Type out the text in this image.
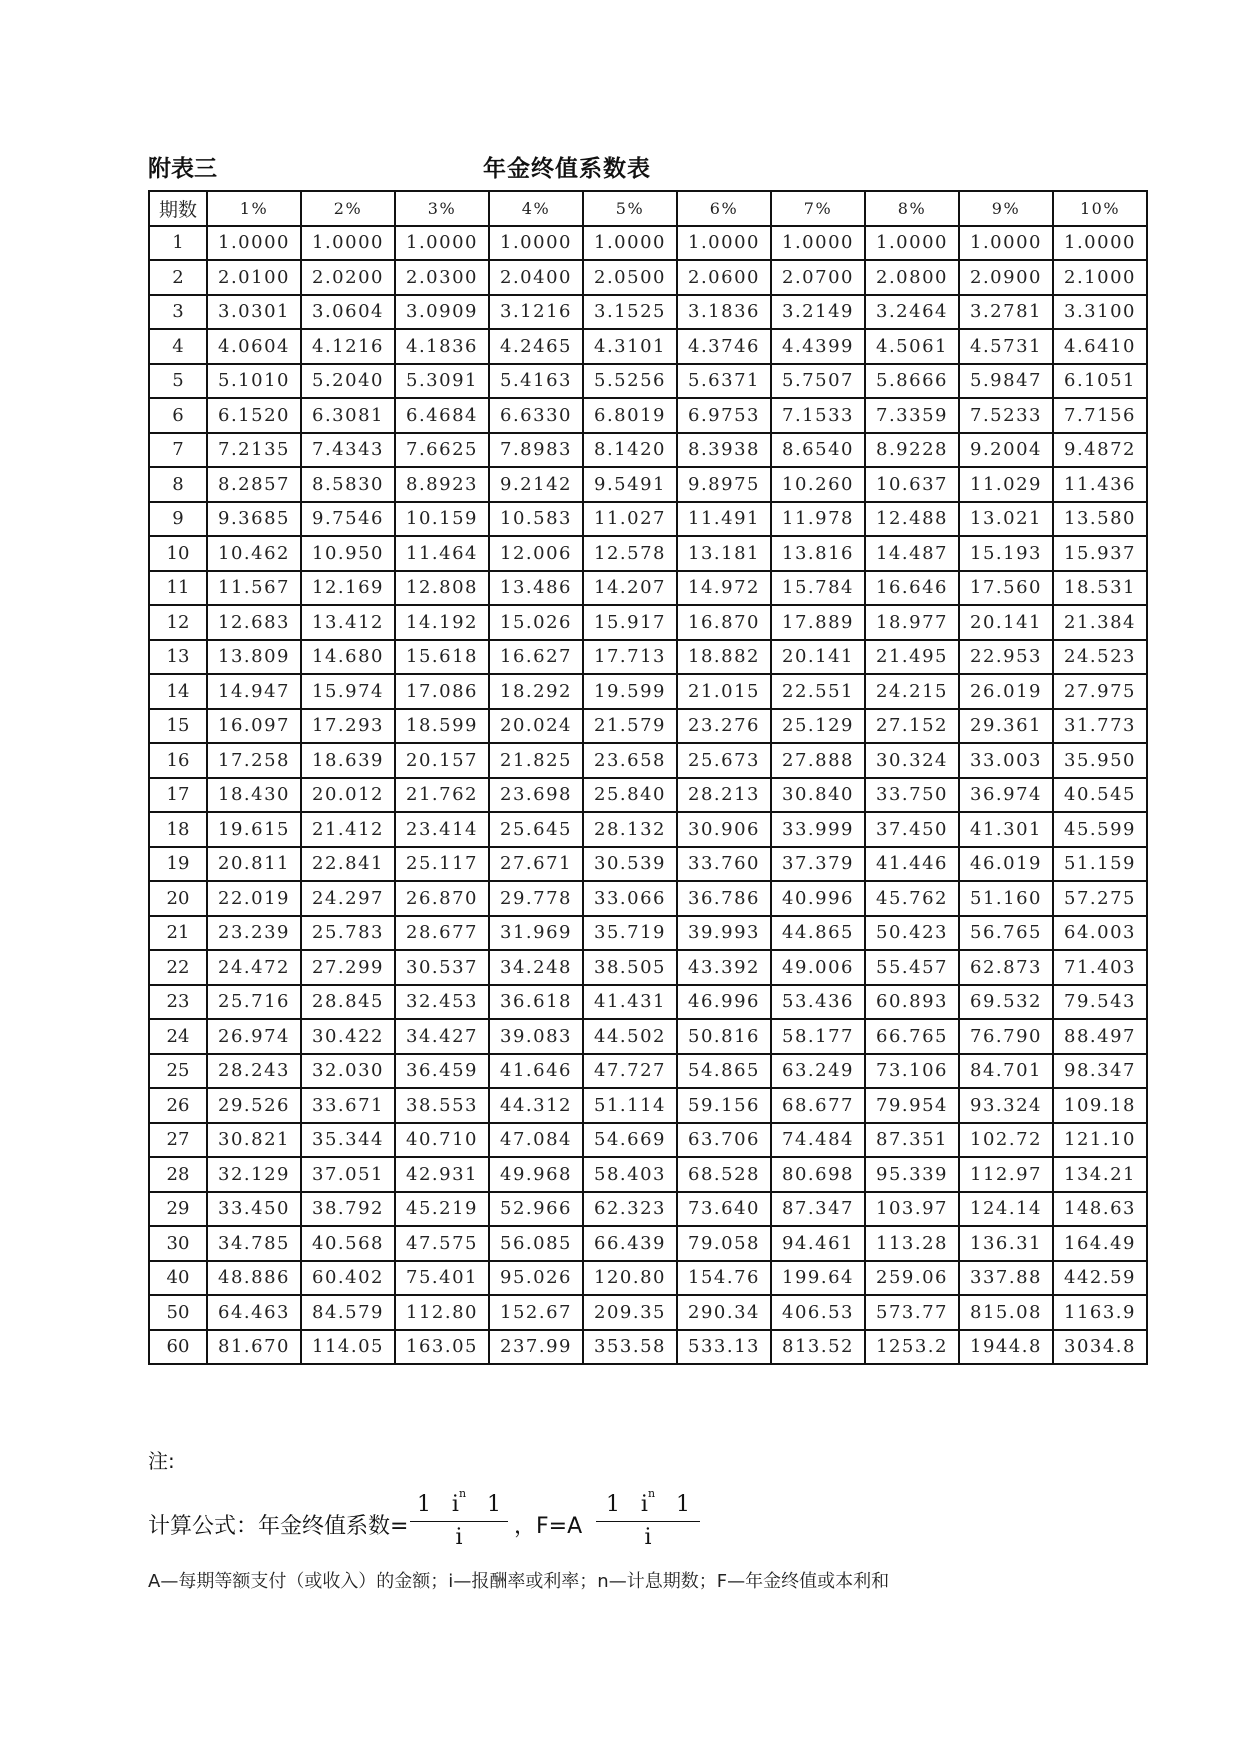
附表三	年金终值系数表
期数	1%	2%	3%	4%	5%	6%	7%	8%	9%	10%
1	1.0000	1.0000	1.0000	1.0000	1.0000	1.0000	1.0000	1.0000	1.0000	1.0000
2	2.0100	2.0200	2.0300	2.0400	2.0500	2.0600	2.0700	2.0800	2.0900	2.1000
3	3.0301	3.0604	3.0909	3.1216	3.1525	3.1836	3.2149	3.2464	3.2781	3.3100
4	4.0604	4.1216	4.1836	4.2465	4.3101	4.3746	4.4399	4.5061	4.5731	4.6410
5	5.1010	5.2040	5.3091	5.4163	5.5256	5.6371	5.7507	5.8666	5.9847	6.1051
6	6.1520	6.3081	6.4684	6.6330	6.8019	6.9753	7.1533	7.3359	7.5233	7.7156
7	7.2135	7.4343	7.6625	7.8983	8.1420	8.3938	8.6540	8.9228	9.2004	9.4872
8	8.2857	8.5830	8.8923	9.2142	9.5491	9.8975	10.260	10.637	11.029	11.436
9	9.3685	9.7546	10.159	10.583	11.027	11.491	11.978	12.488	13.021	13.580
10	10.462	10.950	11.464	12.006	12.578	13.181	13.816	14.487	15.193	15.937
11	11.567	12.169	12.808	13.486	14.207	14.972	15.784	16.646	17.560	18.531
12	12.683	13.412	14.192	15.026	15.917	16.870	17.889	18.977	20.141	21.384
13	13.809	14.680	15.618	16.627	17.713	18.882	20.141	21.495	22.953	24.523
14	14.947	15.974	17.086	18.292	19.599	21.015	22.551	24.215	26.019	27.975
15	16.097	17.293	18.599	20.024	21.579	23.276	25.129	27.152	29.361	31.773
16	17.258	18.639	20.157	21.825	23.658	25.673	27.888	30.324	33.003	35.950
17	18.430	20.012	21.762	23.698	25.840	28.213	30.840	33.750	36.974	40.545
18	19.615	21.412	23.414	25.645	28.132	30.906	33.999	37.450	41.301	45.599
19	20.811	22.841	25.117	27.671	30.539	33.760	37.379	41.446	46.019	51.159
20	22.019	24.297	26.870	29.778	33.066	36.786	40.996	45.762	51.160	57.275
21	23.239	25.783	28.677	31.969	35.719	39.993	44.865	50.423	56.765	64.003
22	24.472	27.299	30.537	34.248	38.505	43.392	49.006	55.457	62.873	71.403
23	25.716	28.845	32.453	36.618	41.431	46.996	53.436	60.893	69.532	79.543
24	26.974	30.422	34.427	39.083	44.502	50.816	58.177	66.765	76.790	88.497
25	28.243	32.030	36.459	41.646	47.727	54.865	63.249	73.106	84.701	98.347
26	29.526	33.671	38.553	44.312	51.114	59.156	68.677	79.954	93.324	109.18
27	30.821	35.344	40.710	47.084	54.669	63.706	74.484	87.351	102.72	121.10
28	32.129	37.051	42.931	49.968	58.403	68.528	80.698	95.339	112.97	134.21
29	33.450	38.792	45.219	52.966	62.323	73.640	87.347	103.97	124.14	148.63
30	34.785	40.568	47.575	56.085	66.439	79.058	94.461	113.28	136.31	164.49
40	48.886	60.402	75.401	95.026	120.80	154.76	199.64	259.06	337.88	442.59
50	64.463	84.579	112.80	152.67	209.35	290.34	406.53	573.77	815.08	1163.9
60	81.670	114.05	163.05	237.99	353.58	533.13	813.52	1253.2	1944.8	3034.8
注:
计算公式：年金终值系数=
1 $i^n$ 1
i	，F=A
1 $i^n$ 1
i
A—每期等额支付（或收入）的金额；i—报酬率或利率；n—计息期数；F—年金终值或本利和
